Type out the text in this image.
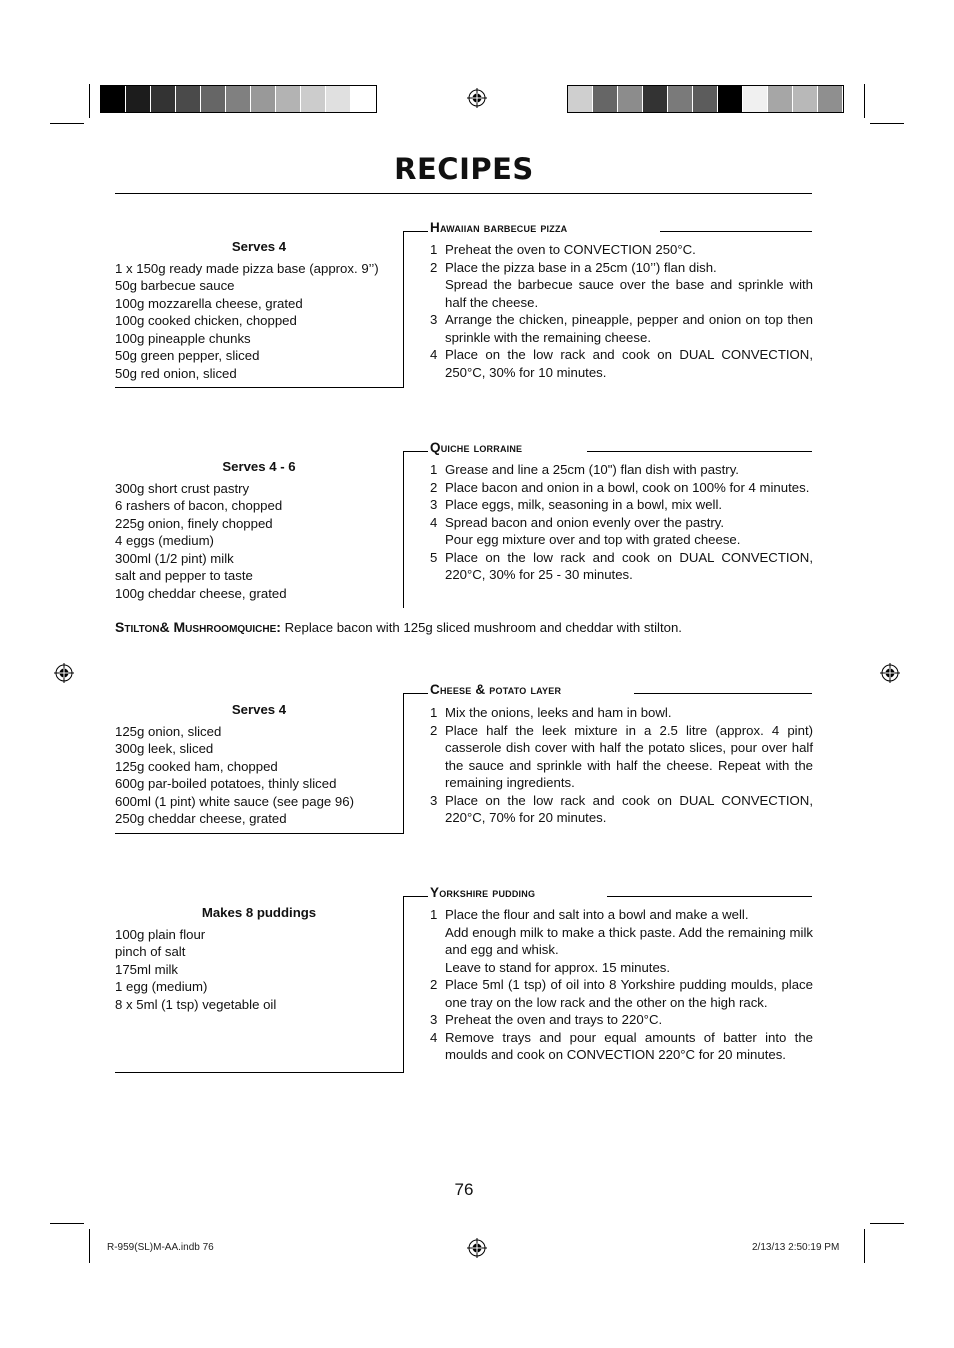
RECIPES
Hawaiian barbecue pizza
Serves 4
1 x 150g ready made pizza base (approx. 9’’)
50g barbecue sauce
100g mozzarella cheese, grated
100g cooked chicken, chopped
100g pineapple chunks
50g green pepper, sliced
50g red onion, sliced
1 Preheat the oven to CONVECTION 250°C.
2 Place the pizza base in a 25cm (10’’) flan dish.
Spread the barbecue sauce over the base and sprinkle with half the cheese.
3 Arrange the chicken, pineapple, pepper and onion on top then sprinkle with the remaining cheese.
4 Place on the low rack and cook on DUAL CONVECTION, 250°C, 30% for 10 minutes.
Quiche lorraine
Serves 4 - 6
300g short crust pastry
6 rashers of bacon, chopped
225g onion, finely chopped
4 eggs (medium)
300ml (1/2 pint) milk
salt and pepper to taste
100g cheddar cheese, grated
1 Grease and line a 25cm (10") flan dish with pastry.
2 Place bacon and onion in a bowl, cook on 100% for 4 minutes.
3 Place eggs, milk, seasoning in a bowl, mix well.
4 Spread bacon and onion evenly over the pastry.
Pour egg mixture over and top with grated cheese.
5 Place on the low rack and cook on DUAL CONVECTION, 220°C, 30% for 25 - 30 minutes.
Stilton& Mushroomquiche: Replace bacon with 125g sliced mushroom and cheddar with stilton.
Cheese & potato layer
Serves 4
125g onion, sliced
300g leek, sliced
125g cooked ham, chopped
600g par-boiled potatoes, thinly sliced
600ml (1 pint) white sauce (see page 96)
250g cheddar cheese, grated
1 Mix the onions, leeks and ham in bowl.
2 Place half the leek mixture in a 2.5 litre (approx. 4 pint) casserole dish cover with half the potato slices, pour over half the sauce and sprinkle with half the cheese. Repeat with the remaining ingredients.
3 Place on the low rack and cook on DUAL CONVECTION, 220°C, 70% for 20 minutes.
Yorkshire pudding
Makes 8 puddings
100g plain flour
pinch of salt
175ml milk
1 egg (medium)
8 x 5ml (1 tsp) vegetable oil
1 Place the flour and salt into a bowl and make a well.
Add enough milk to make a thick paste. Add the remaining milk and egg and whisk.
Leave to stand for approx. 15 minutes.
2 Place 5ml (1 tsp) of oil into 8 Yorkshire pudding moulds, place one tray on the low rack and the other on the high rack.
3 Preheat the oven and trays to 220°C.
4 Remove trays and pour equal amounts of batter into the moulds and cook on CONVECTION 220°C for 20 minutes.
76
R-959(SL)M-AA.indb 76	2/13/13 2:50:19 PM
